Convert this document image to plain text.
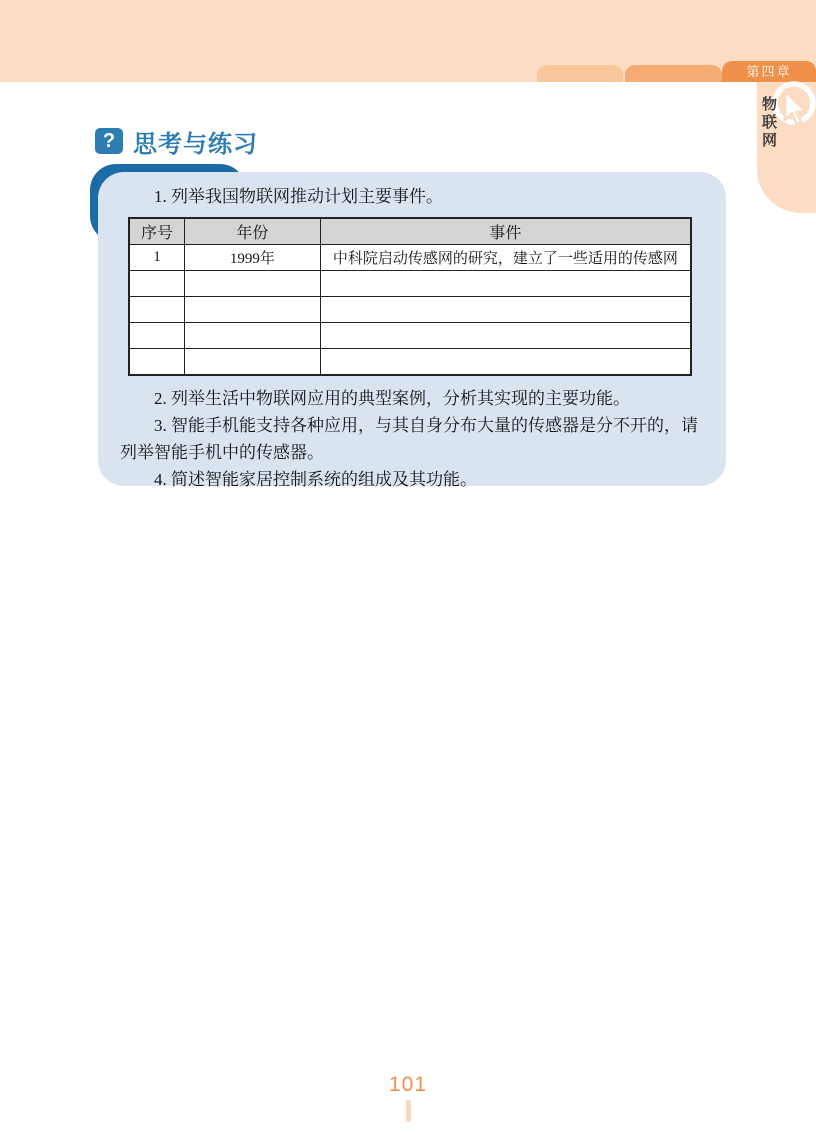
第四章
物联网
? 思考与练习

1. 列举我国物联网推动计划主要事件。

序号	年份	事件
1	1999年	中科院启动传感网的研究，建立了一些适用的传感网

2. 列举生活中物联网应用的典型案例，分析其实现的主要功能。

3. 智能手机能支持各种应用，与其自身分布大量的传感器是分不开的，请列举智能手机中的传感器。

4. 简述智能家居控制系统的组成及其功能。

101
